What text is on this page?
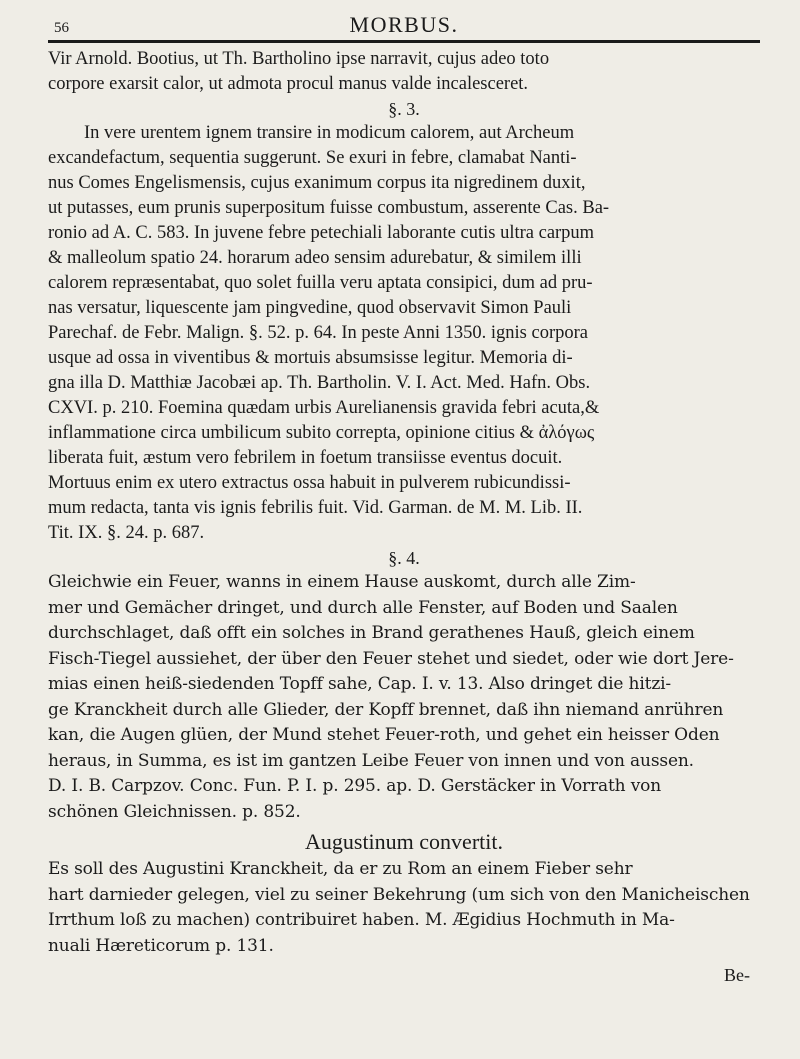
56	MORBUS.

Vir Arnold. Bootius, ut Th. Bartholino ipse narravit, cujus adeo toto
corpore exarsit calor, ut admota procul manus valde incalesceret.

§. 3.

In vere urentem ignem transire in modicum calorem, aut Archeum
excandefactum, sequentia suggerunt. Se exuri in febre, clamabat Nanti-
nus Comes Engelismensis, cujus exanimum corpus ita nigredinem duxit,
ut putasses, eum prunis superpositum fuisse combustum, asserente Cas. Ba-
ronio ad A. C. 583. In juvene febre petechiali laborante cutis ultra carpum
& malleolum spatio 24. horarum adeo sensim adurebatur, & similem illi
calorem repræsentabat, quo solet fuilla veru aptata consipici, dum ad pru-
nas versatur, liquescente jam pingvedine, quod observavit Simon Pauli
Parechaf. de Febr. Malign. §. 52. p. 64. In peste Anni 1350. ignis corpora
usque ad ossa in viventibus & mortuis absumsisse legitur. Memoria di-
gna illa D. Matthiæ Jacobæi ap. Th. Bartholin. V. I. Act. Med. Hafn. Obs.
CXVI. p. 210. Foemina quædam urbis Aurelianensis gravida febri acuta,&
inflammatione circa umbilicum subito correpta, opinione citius & ἀλόγως
liberata fuit, æstum vero febrilem in foetum transiisse eventus docuit.
Mortuus enim ex utero extractus ossa habuit in pulverem rubicundissi-
mum redacta, tanta vis ignis febrilis fuit. Vid. Garman. de M. M. Lib. II.
Tit. IX. §. 24. p. 687.

§. 4.

Gleichwie ein Feuer, wanns in einem Hause auskomt, durch alle Zim-
mer und Gemächer dringet, und durch alle Fenster, auf Boden und Saalen
durchschlaget, daß offt ein solches in Brand gerathenes Hauß, gleich einem
Fisch-Tiegel aussiehet, der über den Feuer stehet und siedet, oder wie dort Jere-
mias einen heiß-siedenden Topff sahe, Cap. I. v. 13. Also dringet die hitzi-
ge Kranckheit durch alle Glieder, der Kopff brennet, daß ihn niemand anrühren
kan, die Augen glüen, der Mund stehet Feuer-roth, und gehet ein heisser Oden
heraus, in Summa, es ist im gantzen Leibe Feuer von innen und von aussen.
D. I. B. Carpzov. Conc. Fun. P. I. p. 295. ap. D. Gerstäcker in Vorrath von
schönen Gleichnissen. p. 852.

Augustinum convertit.

Es soll des Augustini Kranckheit, da er zu Rom an einem Fieber sehr
hart darnieder gelegen, viel zu seiner Bekehrung (um sich von den Manicheischen
Irrthum loß zu machen) contribuiret haben. M. Ægidius Hochmuth in Ma-
nuali Hæreticorum p. 131.

Be-
